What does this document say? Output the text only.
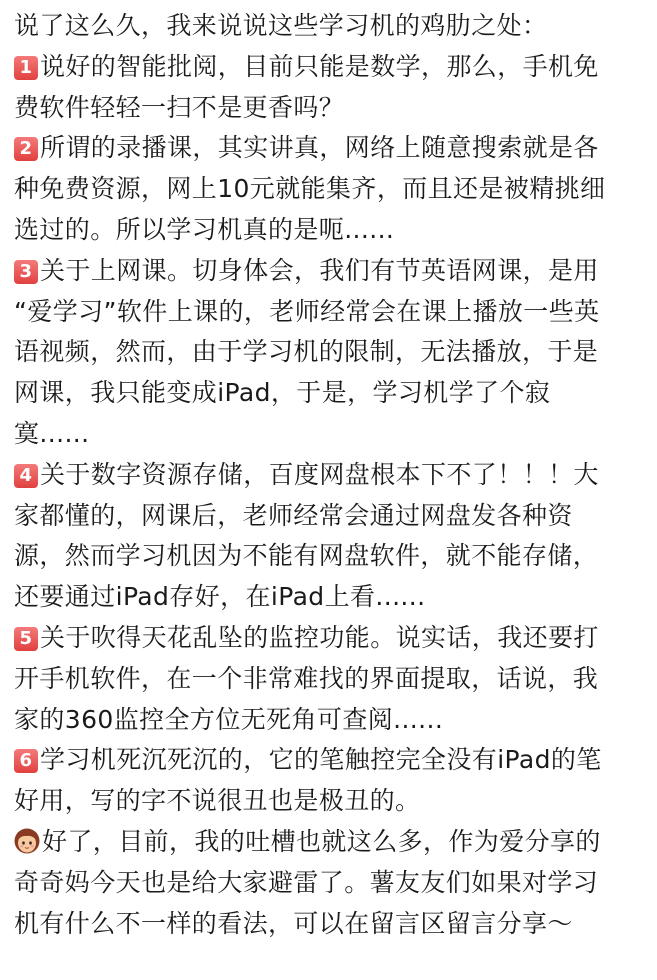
说了这么久，我来说说这些学习机的鸡肋之处：
1 说好的智能批阅，目前只能是数学，那么，手机免
费软件轻轻一扫不是更香吗？
2 所谓的录播课，其实讲真，网络上随意搜索就是各
种免费资源，网上10元就能集齐，而且还是被精挑细
选过的。所以学习机真的是呃......
3 关于上网课。切身体会，我们有节英语网课，是用
“爱学习”软件上课的，老师经常会在课上播放一些英
语视频，然而，由于学习机的限制，无法播放，于是
网课，我只能变成iPad，于是，学习机学了个寂
寞......
4 关于数字资源存储，百度网盘根本下不了！！！大
家都懂的，网课后，老师经常会通过网盘发各种资
源，然而学习机因为不能有网盘软件，就不能存储，
还要通过iPad存好，在iPad上看......
5 关于吹得天花乱坠的监控功能。说实话，我还要打
开手机软件，在一个非常难找的界面提取，话说，我
家的360监控全方位无死角可查阅......
6 学习机死沉死沉的，它的笔触控完全没有iPad的笔
好用，写的字不说很丑也是极丑的。
好了，目前，我的吐槽也就这么多，作为爱分享的
奇奇妈今天也是给大家避雷了。薯友友们如果对学习
机有什么不一样的看法，可以在留言区留言分享～
